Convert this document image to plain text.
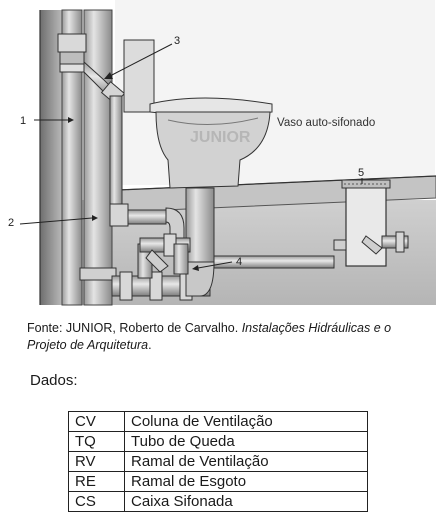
JUNIOR
Vaso auto-sifonado
1
2
3
4
5
Fonte: JUNIOR, Roberto de Carvalho. Instalações Hidráulicas e o Projeto de Arquitetura.
Dados:
CV	Coluna de Ventilação
TQ	Tubo de Queda
RV	Ramal de Ventilação
RE	Ramal de Esgoto
CS	Caixa Sifonada
